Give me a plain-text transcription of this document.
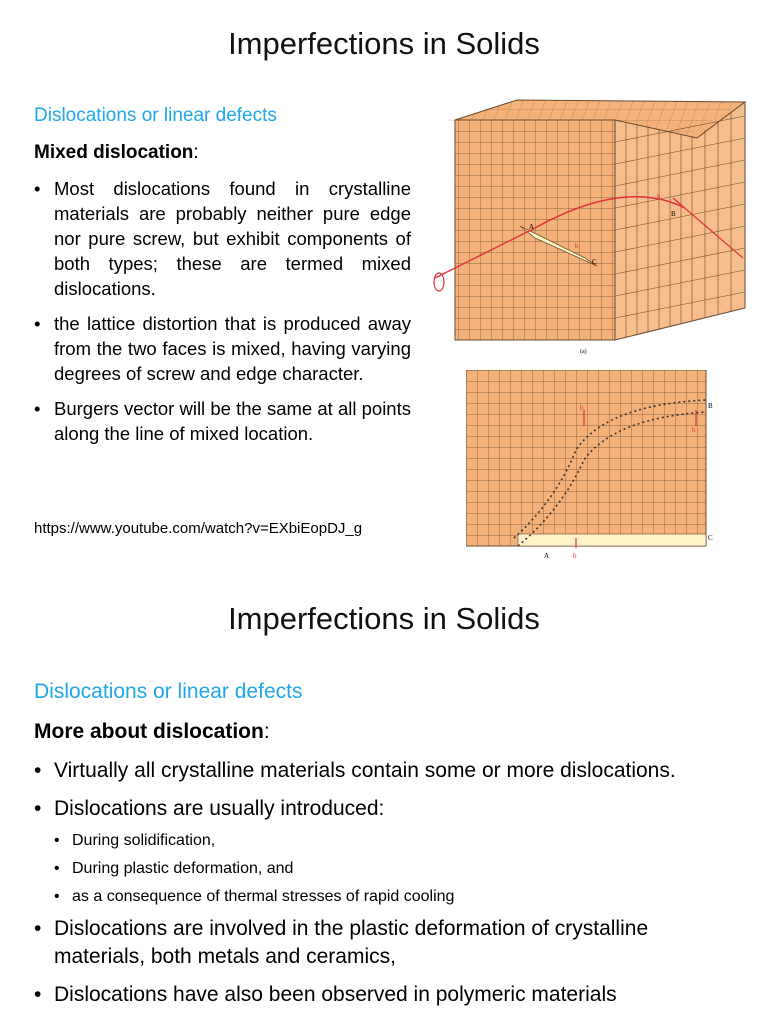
Imperfections in Solids

Dislocations or linear defects

Mixed dislocation:

• Most dislocations found in crystalline materials are probably neither pure edge nor pure screw, but exhibit components of both types; these are termed mixed dislocations.
• the lattice distortion that is produced away from the two faces is mixed, having varying degrees of screw and edge character.
• Burgers vector will be the same at all points along the line of mixed location.

https://www.youtube.com/watch?v=EXbiEopDJ_g

A
B
C
b
b
(a)
A
B
C
b
b
b
Imperfections in Solids

Dislocations or linear defects

More about dislocation:

• Virtually all crystalline materials contain some or more dislocations.
• Dislocations are usually introduced:
• During solidification,
• During plastic deformation, and
• as a consequence of thermal stresses of rapid cooling
• Dislocations are involved in the plastic deformation of crystalline materials, both metals and ceramics,
• Dislocations have also been observed in polymeric materials
